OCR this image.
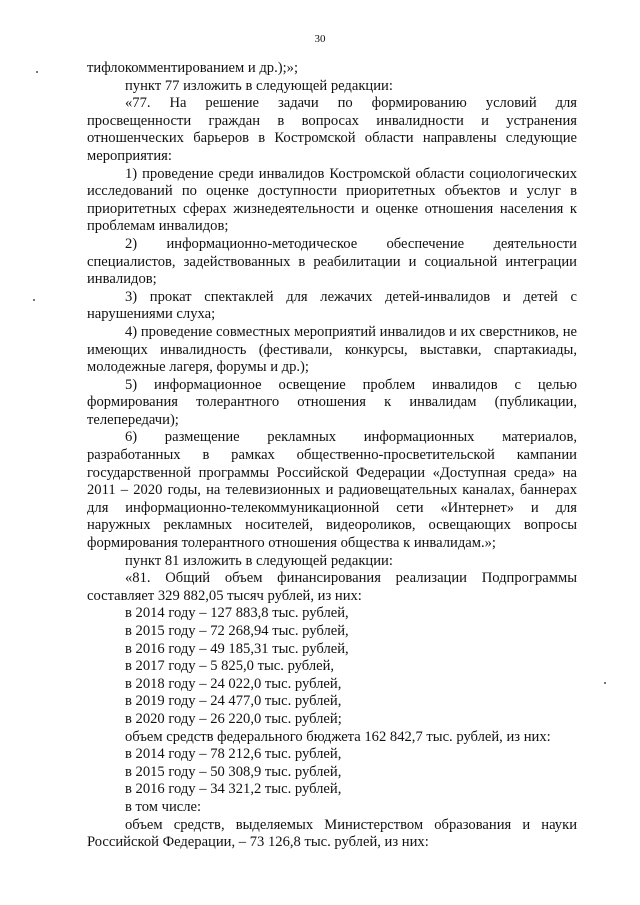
30

тифлокомментированием и др.);»;

пункт 77 изложить в следующей редакции:

«77. На решение задачи по формированию условий для просвещенности граждан в вопросах инвалидности и устранения отношенческих барьеров в Костромской области направлены следующие мероприятия:

1) проведение среди инвалидов Костромской области социологических исследований по оценке доступности приоритетных объектов и услуг в приоритетных сферах жизнедеятельности и оценке отношения населения к проблемам инвалидов;

2) информационно-методическое обеспечение деятельности специалистов, задействованных в реабилитации и социальной интеграции инвалидов;

3) прокат спектаклей для лежачих детей-инвалидов и детей с нарушениями слуха;

4) проведение совместных мероприятий инвалидов и их сверстников, не имеющих инвалидность (фестивали, конкурсы, выставки, спартакиады, молодежные лагеря, форумы и др.);

5) информационное освещение проблем инвалидов с целью формирования толерантного отношения к инвалидам (публикации, телепередачи);

6) размещение рекламных информационных материалов, разработанных в рамках общественно-просветительской кампании государственной программы Российской Федерации «Доступная среда» на 2011 – 2020 годы, на телевизионных и радиовещательных каналах, баннерах для информационно-телекоммуникационной сети «Интернет» и для наружных рекламных носителей, видеороликов, освещающих вопросы формирования толерантного отношения общества к инвалидам.»;

пункт 81 изложить в следующей редакции:

«81. Общий объем финансирования реализации Подпрограммы составляет 329 882,05 тысяч рублей, из них:

в 2014 году – 127 883,8 тыс. рублей,

в 2015 году – 72 268,94 тыс. рублей,

в 2016 году – 49 185,31 тыс. рублей,

в 2017 году – 5 825,0 тыс. рублей,

в 2018 году – 24 022,0 тыс. рублей,

в 2019 году – 24 477,0 тыс. рублей,

в 2020 году – 26 220,0 тыс. рублей;

объем средств федерального бюджета 162 842,7 тыс. рублей, из них:

в 2014 году – 78 212,6 тыс. рублей,

в 2015 году – 50 308,9 тыс. рублей,

в 2016 году – 34 321,2 тыс. рублей,

в том числе:

объем средств, выделяемых Министерством образования и науки Российской Федерации, – 73 126,8 тыс. рублей, из них:
